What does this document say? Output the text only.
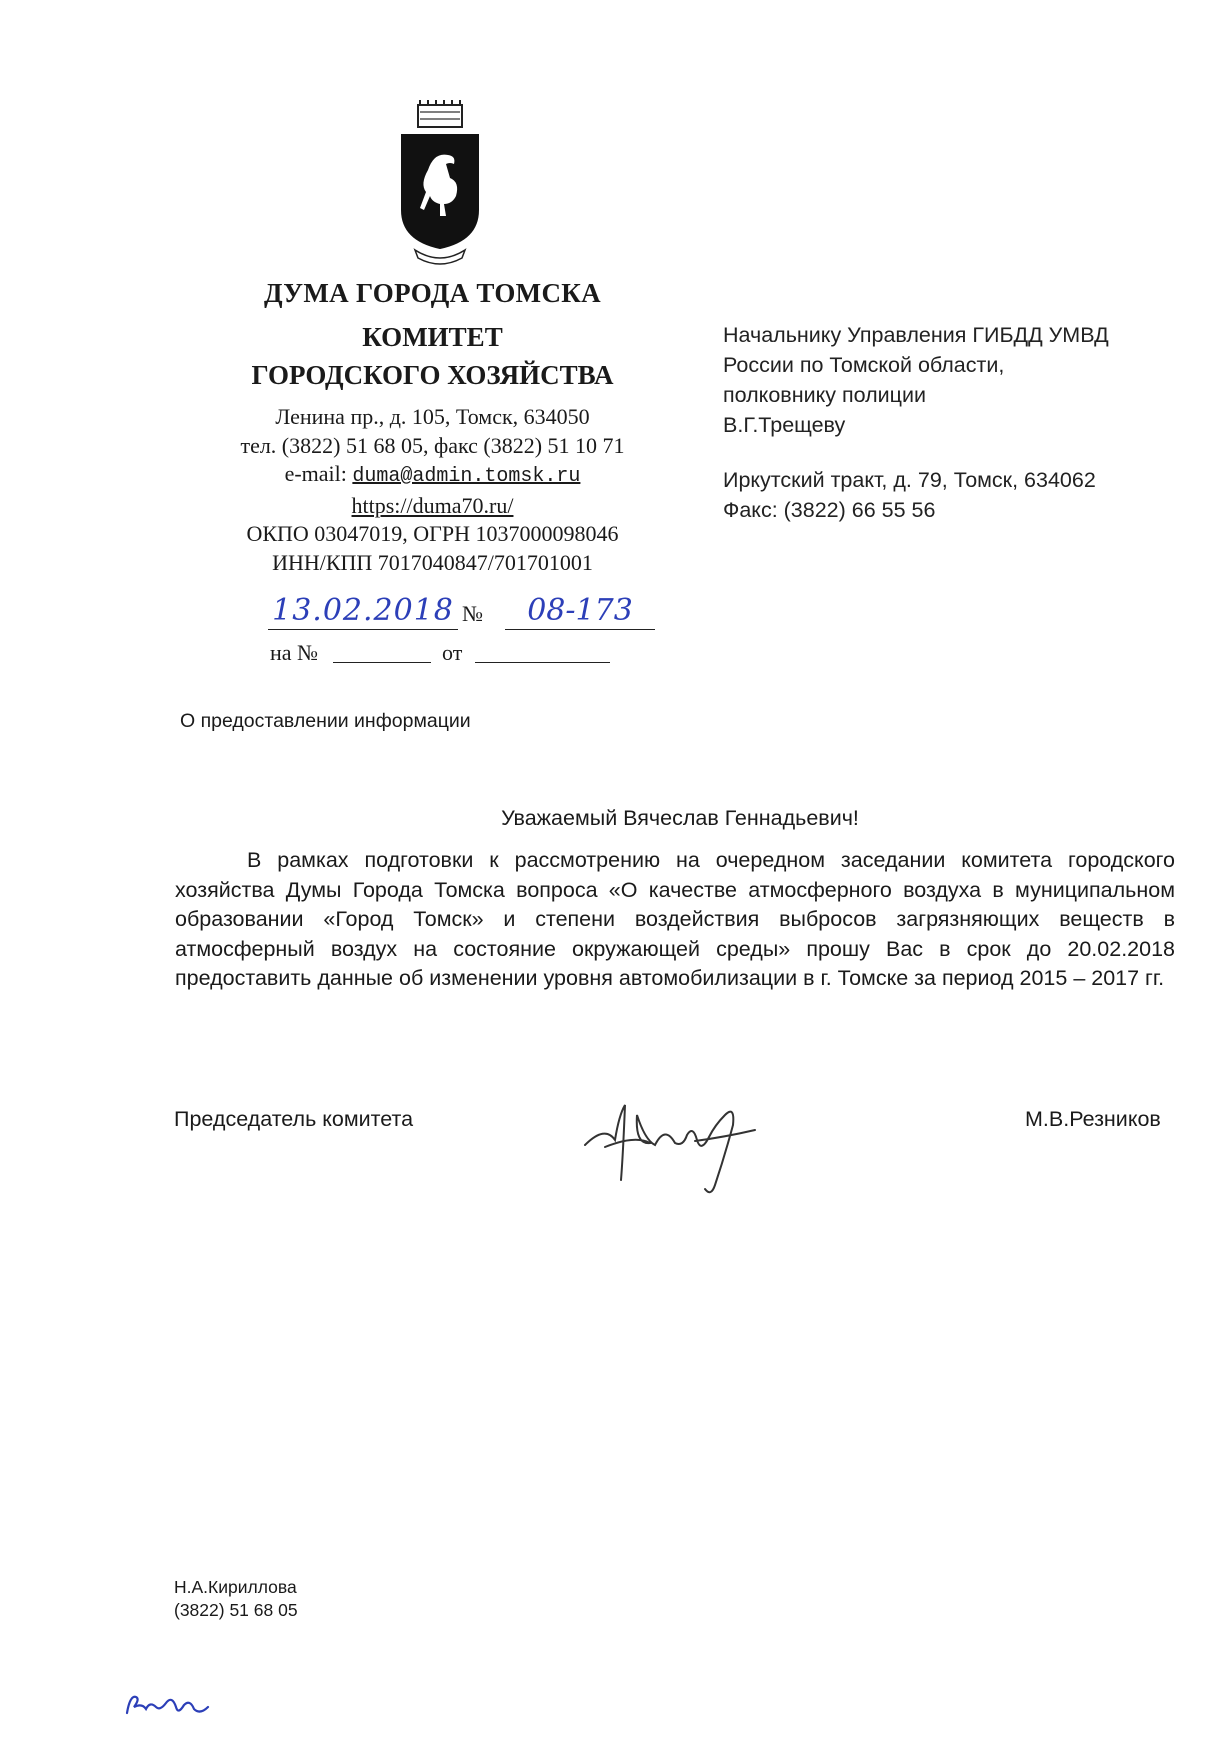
ДУМА ГОРОДА ТОМСКА
КОМИТЕТ
ГОРОДСКОГО ХОЗЯЙСТВА
Ленина пр., д. 105, Томск, 634050
тел. (3822) 51 68 05, факс (3822) 51 10 71
e-mail: duma@admin.tomsk.ru
https://duma70.ru/
ОКПО 03047019, ОГРН 1037000098046
ИНН/КПП 7017040847/701701001
13.02.2018 №	08-173
на №	от
Начальнику Управления ГИБДД УМВД
России по Томской области,
полковнику полиции
В.Г.Трещеву
Иркутский тракт, д. 79, Томск, 634062
Факс: (3822) 66 55 56
О предоставлении информации
Уважаемый Вячеслав Геннадьевич!
В рамках подготовки к рассмотрению на очередном заседании комитета городского хозяйства Думы Города Томска вопроса «О качестве атмосферного воздуха в муниципальном образовании «Город Томск» и степени воздействия выбросов загрязняющих веществ в атмосферный воздух на состояние окружающей среды» прошу Вас в срок до 20.02.2018 предоставить данные об изменении уровня автомобилизации в г. Томске за период 2015 – 2017 гг.
Председатель комитета	М.В.Резников
Н.А.Кириллова
(3822) 51 68 05
